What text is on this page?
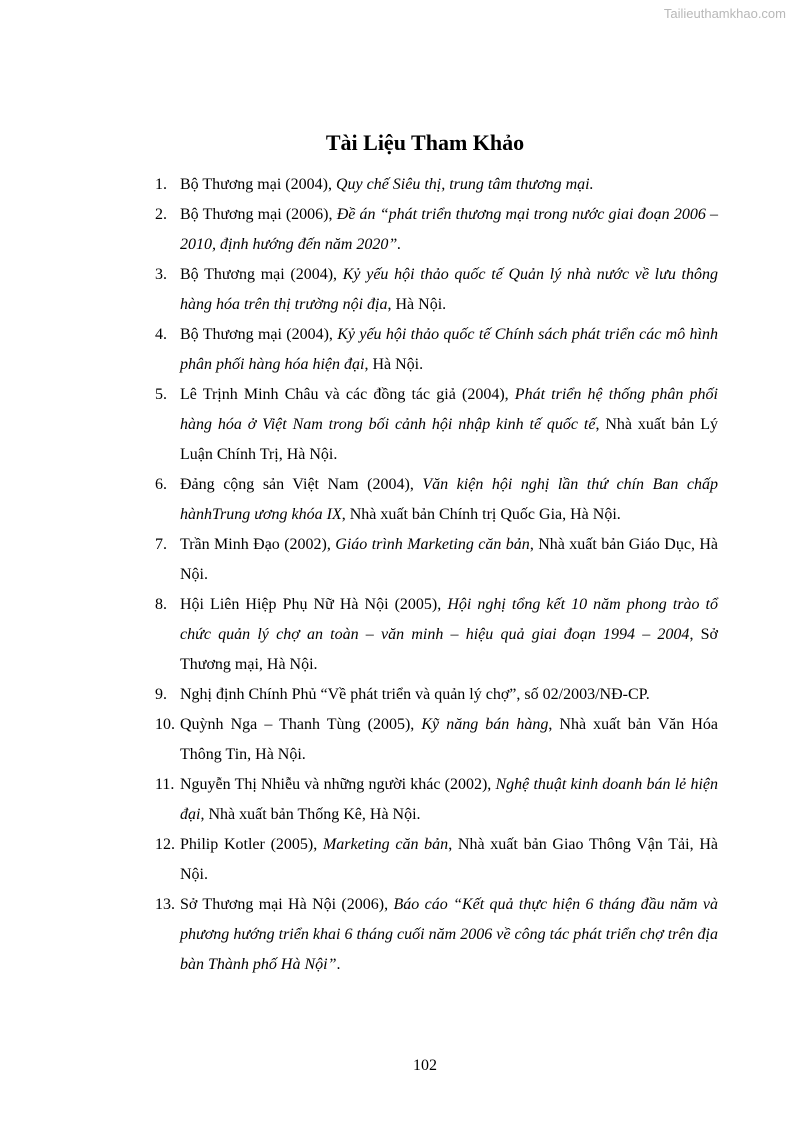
Tailieuthamkhao.com
Tài Liệu Tham Khảo
1. Bộ Thương mại (2004), Quy chế Siêu thị, trung tâm thương mại.
2. Bộ Thương mại (2006), Đề án “phát triển thương mại trong nước giai đoạn 2006 – 2010, định hướng đến năm 2020”.
3. Bộ Thương mại (2004), Kỷ yếu hội thảo quốc tế Quản lý nhà nước về lưu thông hàng hóa trên thị trường nội địa, Hà Nội.
4. Bộ Thương mại (2004), Kỷ yếu hội thảo quốc tế Chính sách phát triển các mô hình phân phối hàng hóa hiện đại, Hà Nội.
5. Lê Trịnh Minh Châu và các đồng tác giả (2004), Phát triển hệ thống phân phối hàng hóa ở Việt Nam trong bối cảnh hội nhập kinh tế quốc tế, Nhà xuất bản Lý Luận Chính Trị, Hà Nội.
6. Đảng cộng sản Việt Nam (2004), Văn kiện hội nghị lần thứ chín Ban chấp hànhTrung ương khóa IX, Nhà xuất bản Chính trị Quốc Gia, Hà Nội.
7. Trần Minh Đạo (2002), Giáo trình Marketing căn bản, Nhà xuất bản Giáo Dục, Hà Nội.
8. Hội Liên Hiệp Phụ Nữ Hà Nội (2005), Hội nghị tổng kết 10 năm phong trào tổ chức quản lý chợ an toàn – văn minh – hiệu quả giai đoạn 1994 – 2004, Sở Thương mại, Hà Nội.
9. Nghị định Chính Phủ “Về phát triển và quản lý chợ”, số 02/2003/NĐ-CP.
10. Quỳnh Nga – Thanh Tùng (2005), Kỹ năng bán hàng, Nhà xuất bản Văn Hóa Thông Tin, Hà Nội.
11. Nguyễn Thị Nhiễu và những người khác (2002), Nghệ thuật kinh doanh bán lẻ hiện đại, Nhà xuất bản Thống Kê, Hà Nội.
12. Philip Kotler (2005), Marketing căn bản, Nhà xuất bản Giao Thông Vận Tải, Hà Nội.
13. Sở Thương mại Hà Nội (2006), Báo cáo “Kết quả thực hiện 6 tháng đầu năm và phương hướng triển khai 6 tháng cuối năm 2006 về công tác phát triển chợ trên địa bàn Thành phố Hà Nội”.
102
